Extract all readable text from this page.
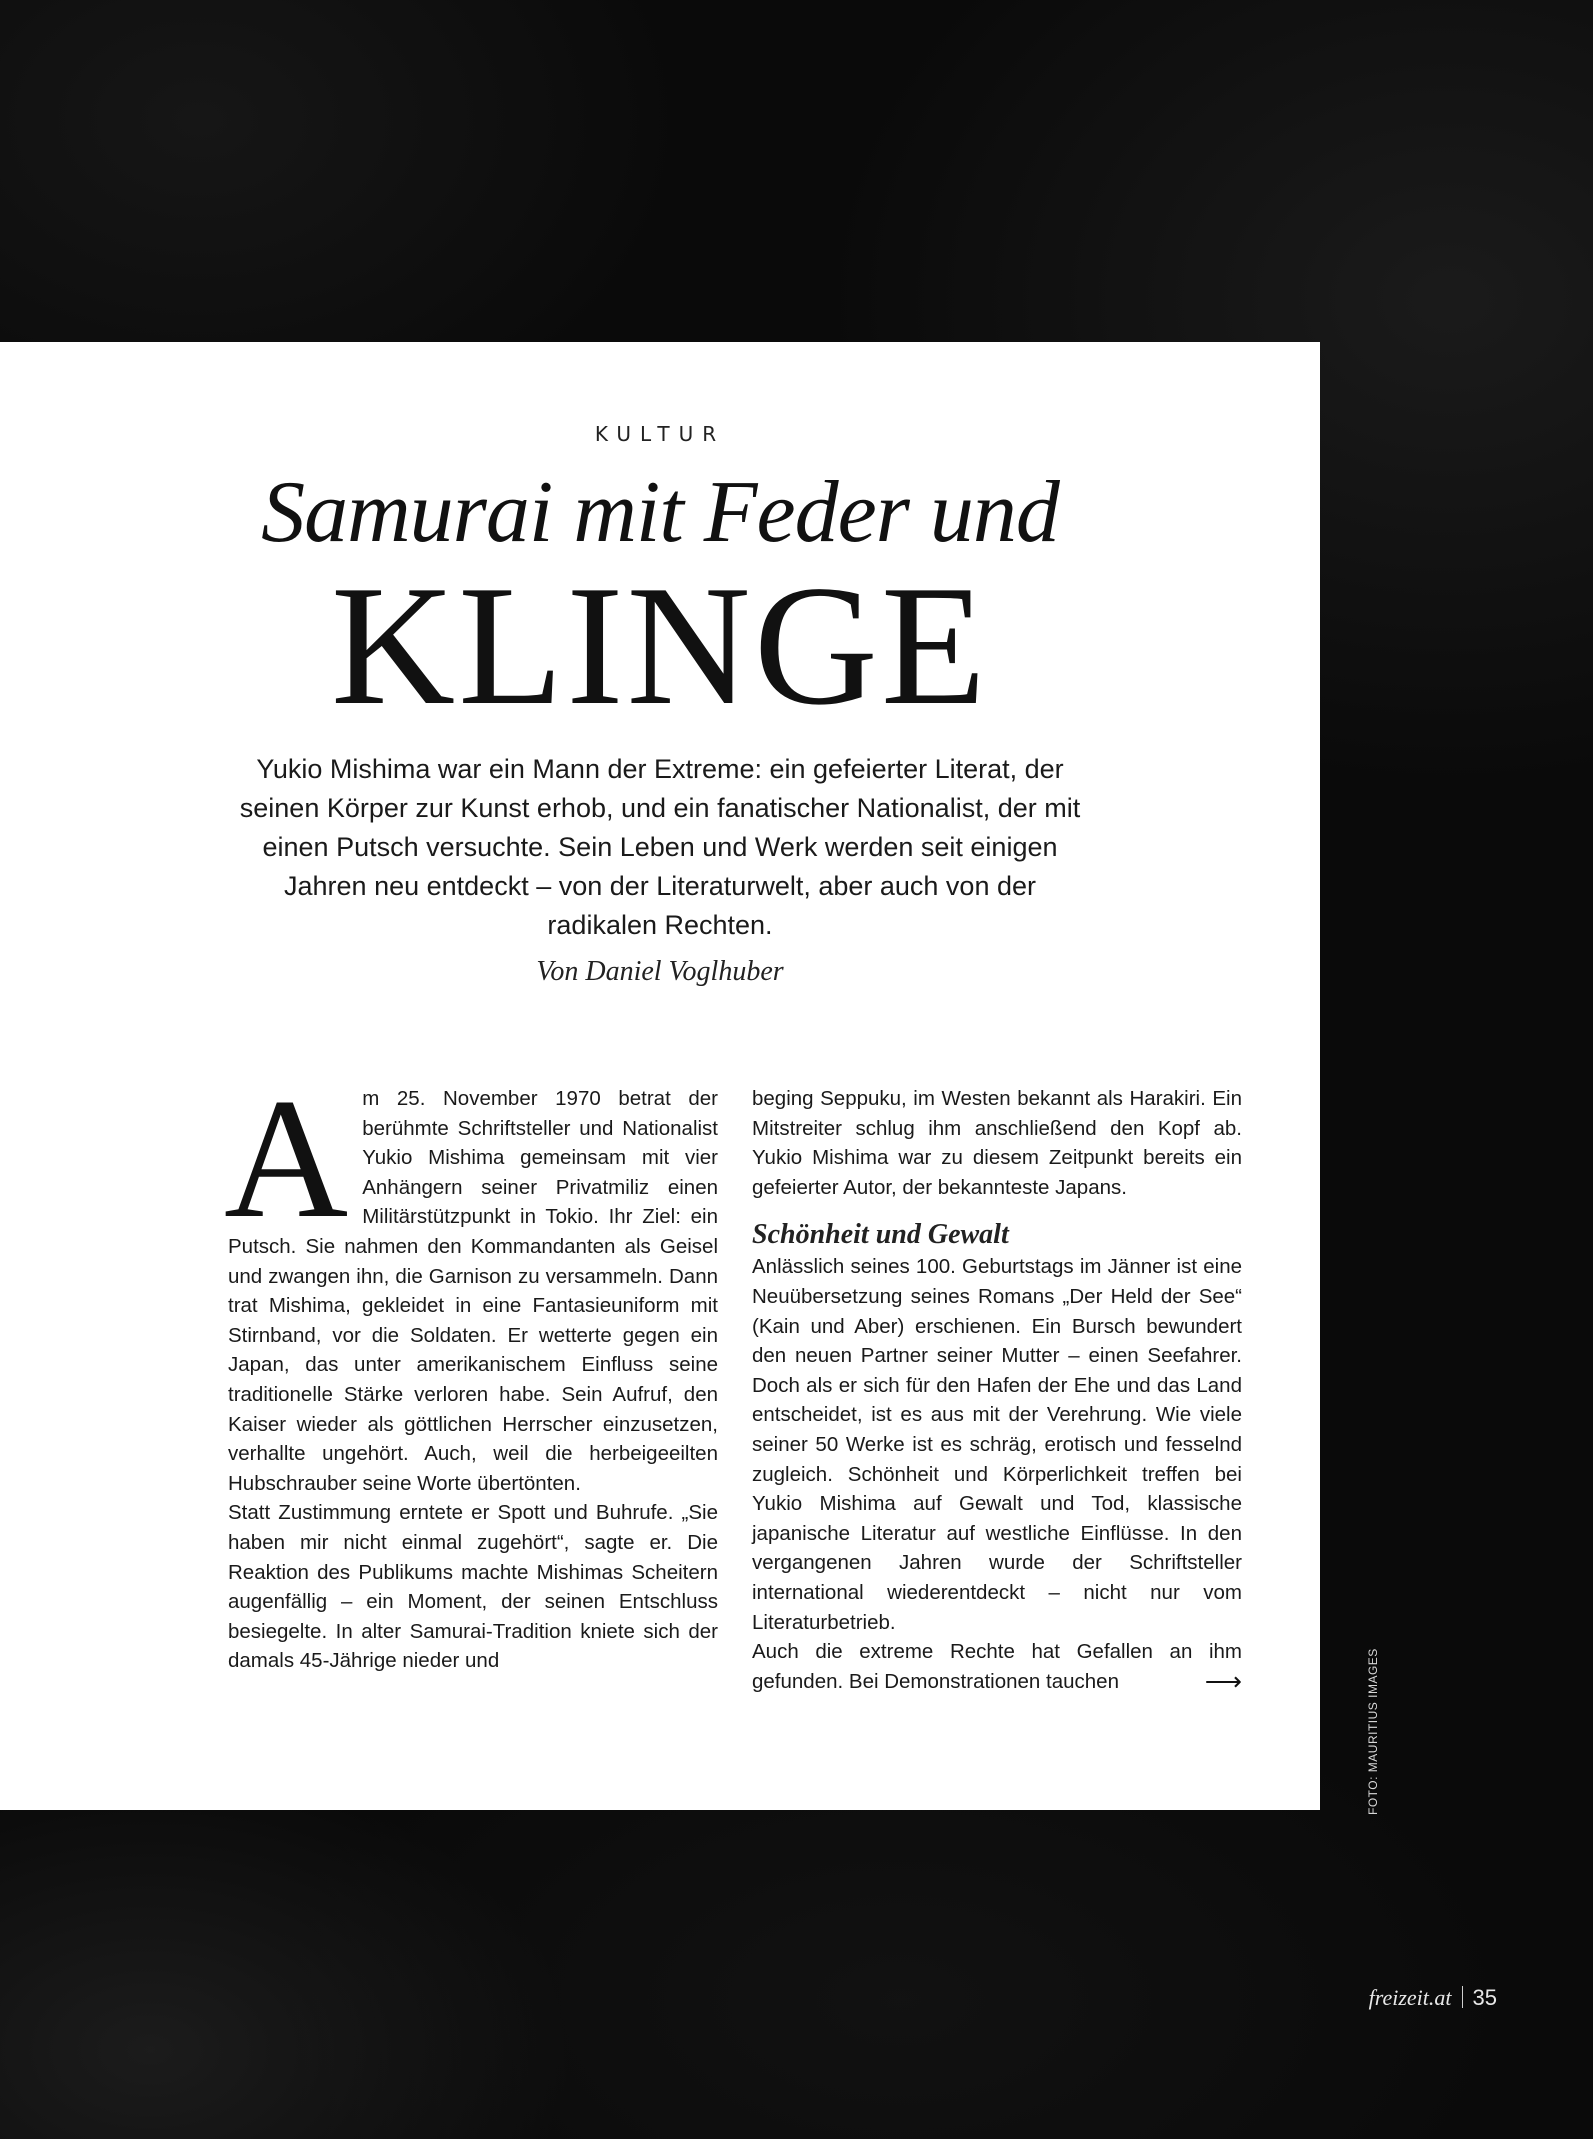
KULTUR
Samurai mit Feder und
KLINGE
Yukio Mishima war ein Mann der Extreme: ein gefeierter Literat, der seinen Körper zur Kunst erhob, und ein fanatischer Nationalist, der mit einen Putsch versuchte. Sein Leben und Werk werden seit einigen Jahren neu entdeckt – von der Literaturwelt, aber auch von der radikalen Rechten.
Von Daniel Voglhuber
A m 25. November 1970 betrat der berühmte Schriftsteller und Nationalist Yukio Mishima gemeinsam mit vier Anhängern seiner Privatmiliz einen Militärstützpunkt in Tokio. Ihr Ziel: ein Putsch. Sie nahmen den Kommandanten als Geisel und zwangen ihn, die Garnison zu versammeln. Dann trat Mishima, gekleidet in eine Fantasieuniform mit Stirnband, vor die Soldaten. Er wetterte gegen ein Japan, das unter amerikanischem Einfluss seine traditionelle Stärke verloren habe. Sein Aufruf, den Kaiser wieder als göttlichen Herrscher einzusetzen, verhallte ungehört. Auch, weil die herbeigeeilten Hubschrauber seine Worte übertönten.

Statt Zustimmung erntete er Spott und Buhrufe. „Sie haben mir nicht einmal zugehört“, sagte er. Die Reaktion des Publikums machte Mishimas Scheitern augenfällig – ein Moment, der seinen Entschluss besiegelte. In alter Samurai-Tradition kniete sich der damals 45-Jährige nieder und

beging Seppuku, im Westen bekannt als Harakiri. Ein Mitstreiter schlug ihm anschließend den Kopf ab. Yukio Mishima war zu diesem Zeitpunkt bereits ein gefeierter Autor, der bekannteste Japans.

Schönheit und Gewalt

Anlässlich seines 100. Geburtstags im Jänner ist eine Neuübersetzung seines Romans „Der Held der See“ (Kain und Aber) erschienen. Ein Bursch bewundert den neuen Partner seiner Mutter – einen Seefahrer. Doch als er sich für den Hafen der Ehe und das Land entscheidet, ist es aus mit der Verehrung. Wie viele seiner 50 Werke ist es schräg, erotisch und fesselnd zugleich. Schönheit und Körperlichkeit treffen bei Yukio Mishima auf Gewalt und Tod, klassische japanische Literatur auf westliche Einflüsse. In den vergangenen Jahren wurde der Schriftsteller international wiederentdeckt – nicht nur vom Literaturbetrieb.

Auch die extreme Rechte hat Gefallen an ihm gefunden. Bei Demonstrationen tauchen	⟶	FOTO: MAURITIUS IMAGES
freizeit.at 35
